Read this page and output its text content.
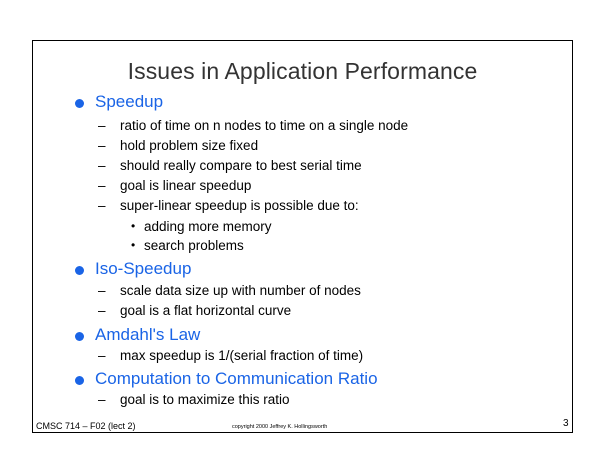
Issues in Application Performance
Speedup
– ratio of time on n nodes to time on a single node
– hold problem size fixed
– should really compare to best serial time
– goal is linear speedup
– super-linear speedup is possible due to:
• adding more memory
• search problems
Iso-Speedup
– scale data size up with number of nodes
– goal is a flat horizontal curve
Amdahl's Law
– max speedup is 1/(serial fraction of time)
Computation to Communication Ratio
– goal is to maximize this ratio
CMSC 714 – F02 (lect 2)	copyright 2000 Jeffrey K. Hollingsworth	3
